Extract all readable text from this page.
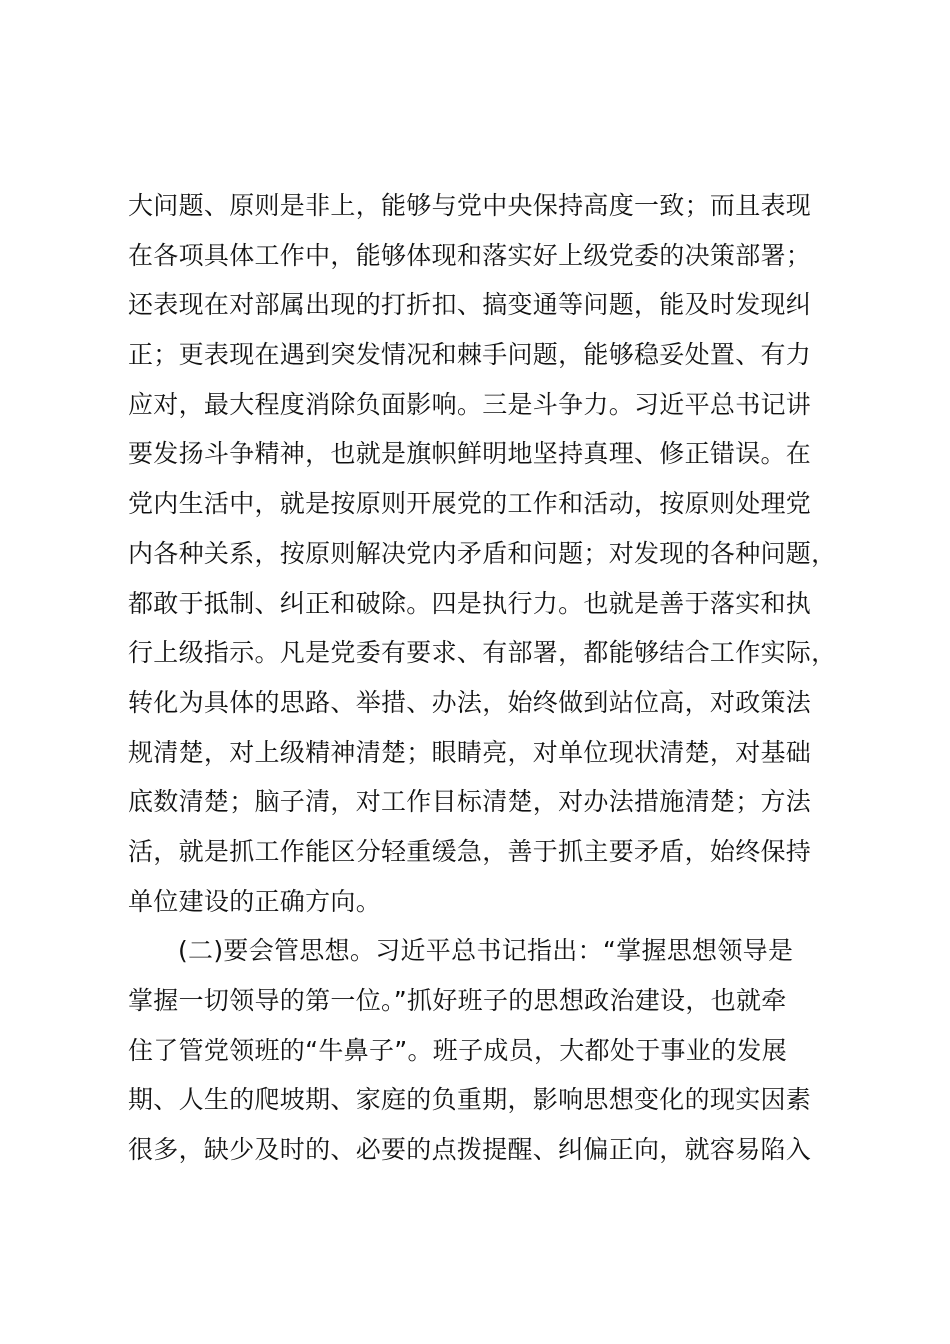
大问题、原则是非上，能够与党中央保持高度一致；而且表现
在各项具体工作中，能够体现和落实好上级党委的决策部署；
还表现在对部属出现的打折扣、搞变通等问题，能及时发现纠
正；更表现在遇到突发情况和棘手问题，能够稳妥处置、有力
应对，最大程度消除负面影响。三是斗争力。习近平总书记讲
要发扬斗争精神，也就是旗帜鲜明地坚持真理、修正错误。在
党内生活中，就是按原则开展党的工作和活动，按原则处理党
内各种关系，按原则解决党内矛盾和问题；对发现的各种问题，
都敢于抵制、纠正和破除。四是执行力。也就是善于落实和执
行上级指示。凡是党委有要求、有部署，都能够结合工作实际，
转化为具体的思路、举措、办法，始终做到站位高，对政策法
规清楚，对上级精神清楚；眼睛亮，对单位现状清楚，对基础
底数清楚；脑子清，对工作目标清楚，对办法措施清楚；方法
活，就是抓工作能区分轻重缓急，善于抓主要矛盾，始终保持
单位建设的正确方向。
(二)要会管思想。习近平总书记指出：“掌握思想领导是
掌握一切领导的第一位。”抓好班子的思想政治建设，也就牵
住了管党领班的“牛鼻子”。班子成员，大都处于事业的发展
期、人生的爬坡期、家庭的负重期，影响思想变化的现实因素
很多，缺少及时的、必要的点拨提醒、纠偏正向，就容易陷入
